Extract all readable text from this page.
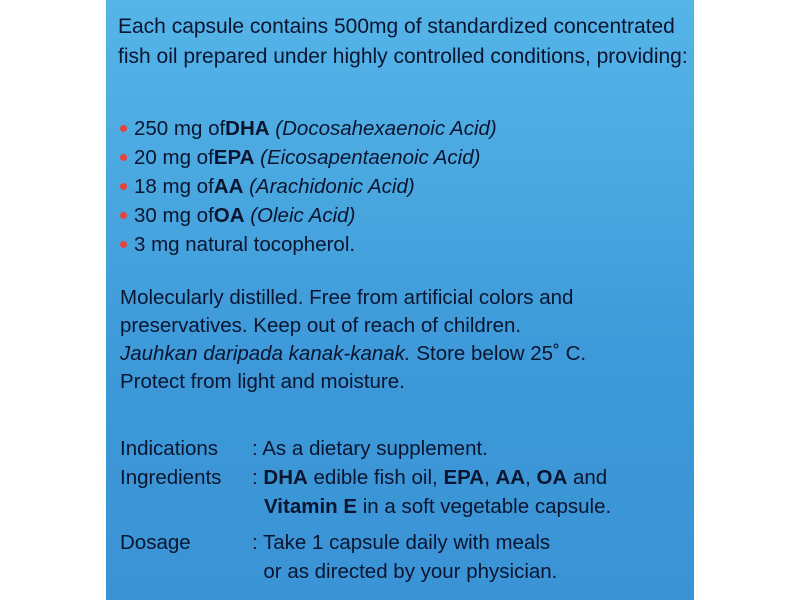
Each capsule contains 500mg of standardized concentrated fish oil prepared under highly controlled conditions, providing:

250 mg of DHA
(Docosahexaenoic Acid)
20 mg of EPA
(Eicosapentaenoic Acid)
18 mg of AA
(Arachidonic Acid)
30 mg of OA
(Oleic Acid)
3 mg natural tocopherol.
Molecularly distilled. Free from artificial colors and
preservatives. Keep out of reach of children.
Jauhkan daripada kanak-kanak. Store below 25˚ C.
Protect from light and moisture.
Indications	: As a dietary supplement.
Ingredients	: DHA edible fish oil, EPA, AA, OA and
Vitamin E in a soft vegetable capsule.
Dosage	: Take 1 capsule daily with meals
or as directed by your physician.
